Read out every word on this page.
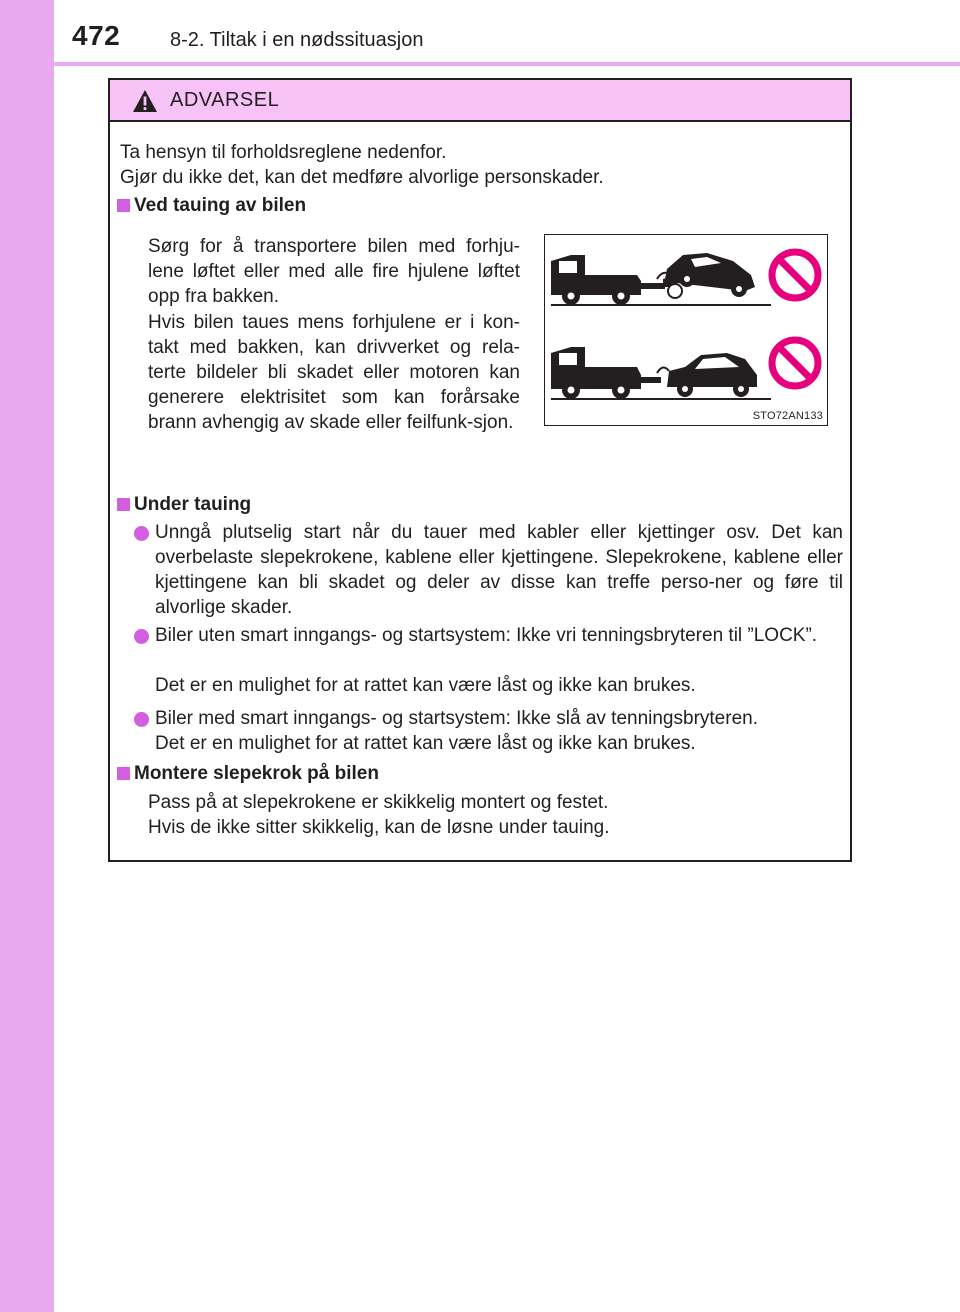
472 8-2. Tiltak i en nødssituasjon
ADVARSEL

Ta hensyn til forholdsreglene nedenfor.
Gjør du ikke det, kan det medføre alvorlige personskader.

Ved tauing av bilen

Sørg for å transportere bilen med forhju-lene løftet eller med alle fire hjulene løftet opp fra bakken.

Hvis bilen taues mens forhjulene er i kon-takt med bakken, kan drivverket og rela-terte bildeler bli skadet eller motoren kan generere elektrisitet som kan forårsake brann avhengig av skade eller feilfunk-sjon.	STO72AN133

Under tauing

Unngå plutselig start når du tauer med kabler eller kjettinger osv. Det kan overbelaste slepekrokene, kablene eller kjettingene. Slepekrokene, kablene eller kjettingene kan bli skadet og deler av disse kan treffe perso-ner og føre til alvorlige skader.

Biler uten smart inngangs- og startsystem: Ikke vri tenningsbryteren til ”LOCK”.

Det er en mulighet for at rattet kan være låst og ikke kan brukes.

Biler med smart inngangs- og startsystem: Ikke slå av tenningsbryteren.

Det er en mulighet for at rattet kan være låst og ikke kan brukes.

Montere slepekrok på bilen

Pass på at slepekrokene er skikkelig montert og festet.

Hvis de ikke sitter skikkelig, kan de løsne under tauing.
